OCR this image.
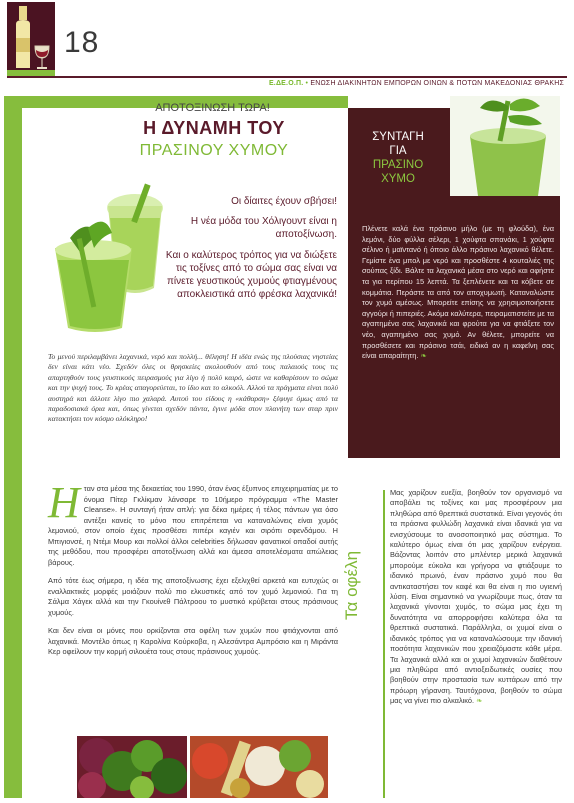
18
Ε.ΔΕ.Ο.Π. • ΕΝΩΣΗ ΔΙΑΚΙΝΗΤΩΝ ΕΜΠΟΡΩΝ ΟΙΝΩΝ & ΠΟΤΩΝ ΜΑΚΕΔΟΝΙΑΣ ΘΡΑΚΗΣ
ΑΠΟΤΟΞΙΝΩΣΗ ΤΩΡΑ!
Η ΔΥΝΑΜΗ ΤΟΥ
ΠΡΑΣΙΝΟΥ ΧΥΜΟΥ

Οι δίαιτες έχουν σβήσει!

Η νέα μόδα του Χόλιγουντ είναι η αποτοξίνωση.

Και ο καλύτερος τρόπος για να διώξετε τις τοξίνες από το σώμα σας είναι να πίνετε γευστικούς χυμούς φτιαγμένους αποκλειστικά από φρέσκα λαχανικά!

Το μενού περιλαμβάνει λαχανικά, νερό και πολλή... θέληση! Η ιδέα ενώς της πλούσιας νηστείας δεν είναι κάτι νέο. Σχεδόν όλες οι θρησκείες ακολουθούν από τους παλαιούς τους τις απαρτηθούν τους γευστικούς πειρασμούς για λίγο ή πολύ καιρό, ώστε να καθαρίσουν το σώμα και την ψυχή τους. Το κρέας απαγορεύεται, το ίδιο και το αλκοόλ. Αλλού τα πράγματα είναι πολύ αυστηρά και άλλοτε λίγο πιο χαλαρά. Αυτού του είδους η «κάθαρση» ξέφυγε όμως από τα παραδοσιακά όρια και, όπως γίνεται σχεδόν πάντα, έγινε μόδα στον πλανήτη των σταρ πριν κατακτήσει τον κόσμο ολόκληρο!

Ηταν στα μέσα της δεκαετίας του 1990, όταν ένας έξυπνος επιχειρηματίας με το όνομα Πίτερ Γκλίκμαν λάνσαρε το 10ήμερο πρόγραμμα «The Master Cleanse». Η συνταγή ήταν απλή: για δέκα ημέρες ή τέλος πάντων για όσο αντέξει κανείς το μόνο που επιτρέπεται να καταναλώνεις είναι χυμός λεμονιού, στον οποίο έχεις προσθέσει πιπέρι καγιέν και σιρόπι σφενδάμου. Η Μπιγιονσέ, η Ντέμι Μουρ και πολλοί άλλοι celebrities δήλωσαν φανατικοί οπαδοί αυτής της μεθόδου, που προσφέρει αποτοξίνωση αλλά και άμεσα αποτελέσματα απώλειας βάρους.

Από τότε έως σήμερα, η ιδέα της αποτοξίνωσης έχει εξελιχθεί αρκετά και ευτυχώς οι εναλλακτικές μορφές μοιάζουν πολύ πιο ελκυστικές από τον χυμό λεμονιού. Για τη Σάλμα Χάγεκ αλλά και την Γκουίνεθ Πάλτροου το μυστικό κρύβεται στους πράσινους χυμούς.

Και δεν είναι οι μόνες που ορκίζονται στα οφέλη των χυμών που φτιάχνονται από λαχανικά. Μοντέλο όπως η Καρολίνα Κούρκοβα, η Αλεσάντρα Αμπρόσιο και η Μιράντα Κερ οφείλουν την κορμή σιλουέτα τους στους πράσινους χυμούς.

ΣΥΝΤΑΓΗ
ΓΙΑ
ΠΡΑΣΙΝΟ
ΧΥΜΟ
Πλένετε καλά ένα πράσινο μήλο (με τη φλούδα), ένα λεμόνι, δύο φύλλα σέλερι, 1 χούφτα σπανάκι, 1 χούφτα σέλινο ή μαϊντανό ή όποιο άλλο πράσινο λαχανικό θέλετε. Γεμίστε ένα μπολ με νερό και προσθέστε 4 κουταλιές της σούπας ξίδι. Βάλτε τα λαχανικά μέσα στο νερό και αφήστε τα για περίπου 15 λεπτά. Τα ξεπλένετε και τα κόβετε σε κομμάτια. Περάστε τα από τον αποχυμωτή. Καταναλώστε τον χυμό αμέσως. Μπορείτε επίσης να χρησιμοποιήσετε αγγούρι ή πιπεριές. Ακόμα καλύτερα, πειραματιστείτε με τα αγαπημένα σας λαχανικά και φρούτα για να φτιάξετε τον νέο, αγαπημένο σας χυμό. Αν θέλετε, μπορείτε να προσθέσετε και πράσινο τσάι, ειδικά αν η καφεΐνη σας είναι απαραίτητη. ❧
Τα οφέλη
Μας χαρίζουν ευεξία, βοηθούν τον οργανισμό να αποβάλει τις τοξίνες και μας προσφέρουν μια πληθώρα από θρεπτικά συστατικά. Είναι γεγονός ότι τα πράσινα φυλλώδη λαχανικά είναι ιδανικά για να ενισχύσουμε το ανοσοποιητικό μας σύστημα. Το καλύτερο όμως είναι ότι μας χαρίζουν ενέργεια. Βάζοντας λοιπόν στο μπλέντερ μερικά λαχανικά μπορούμε εύκολα και γρήγορα να φτιάξουμε το ιδανικό πρωινό, έναν πράσινο χυμό που θα αντικαταστήσει τον καφέ και θα είναι η πιο υγιεινή λύση. Είναι σημαντικό να γνωρίζουμε πως, όταν τα λαχανικά γίνονται χυμός, το σώμα μας έχει τη δυνατότητα να απορροφήσει καλύτερα όλα τα θρεπτικά συστατικά. Παράλληλα, οι χυμοί είναι ο ιδανικός τρόπος για να καταναλώσουμε την ιδανική ποσότητα λαχανικών που χρειαζόμαστε κάθε μέρα. Τα λαχανικά αλλά και οι χυμοί λαχανικών διαθέτουν μια πληθώρα από αντιοξειδωτικές ουσίες που βοηθούν στην προστασία των κυττάρων από την πρόωρη γήρανση. Ταυτόχρονα, βοηθούν το σώμα μας να γίνει πιο αλκαλικό. ❧
